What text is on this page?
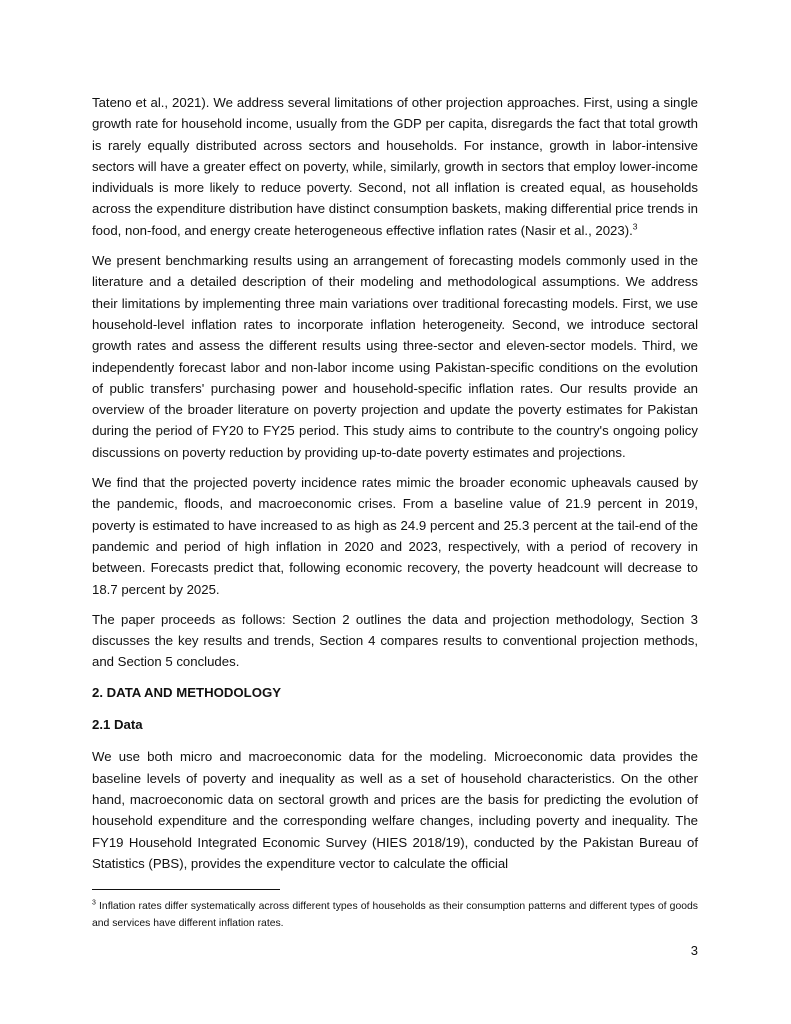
Tateno et al., 2021). We address several limitations of other projection approaches. First, using a single growth rate for household income, usually from the GDP per capita, disregards the fact that total growth is rarely equally distributed across sectors and households. For instance, growth in labor-intensive sectors will have a greater effect on poverty, while, similarly, growth in sectors that employ lower-income individuals is more likely to reduce poverty. Second, not all inflation is created equal, as households across the expenditure distribution have distinct consumption baskets, making differential price trends in food, non-food, and energy create heterogeneous effective inflation rates (Nasir et al., 2023).$^3$

We present benchmarking results using an arrangement of forecasting models commonly used in the literature and a detailed description of their modeling and methodological assumptions. We address their limitations by implementing three main variations over traditional forecasting models. First, we use household-level inflation rates to incorporate inflation heterogeneity. Second, we introduce sectoral growth rates and assess the different results using three-sector and eleven-sector models. Third, we independently forecast labor and non-labor income using Pakistan-specific conditions on the evolution of public transfers' purchasing power and household-specific inflation rates. Our results provide an overview of the broader literature on poverty projection and update the poverty estimates for Pakistan during the period of FY20 to FY25 period. This study aims to contribute to the country's ongoing policy discussions on poverty reduction by providing up-to-date poverty estimates and projections.

We find that the projected poverty incidence rates mimic the broader economic upheavals caused by the pandemic, floods, and macroeconomic crises. From a baseline value of 21.9 percent in 2019, poverty is estimated to have increased to as high as 24.9 percent and 25.3 percent at the tail-end of the pandemic and period of high inflation in 2020 and 2023, respectively, with a period of recovery in between. Forecasts predict that, following economic recovery, the poverty headcount will decrease to 18.7 percent by 2025.

The paper proceeds as follows: Section 2 outlines the data and projection methodology, Section 3 discusses the key results and trends, Section 4 compares results to conventional projection methods, and Section 5 concludes.

2. DATA AND METHODOLOGY
2.1 Data

We use both micro and macroeconomic data for the modeling. Microeconomic data provides the baseline levels of poverty and inequality as well as a set of household characteristics. On the other hand, macroeconomic data on sectoral growth and prices are the basis for predicting the evolution of household expenditure and the corresponding welfare changes, including poverty and inequality. The FY19 Household Integrated Economic Survey (HIES 2018/19), conducted by the Pakistan Bureau of Statistics (PBS), provides the expenditure vector to calculate the official

$^3$ Inflation rates differ systematically across different types of households as their consumption patterns and different types of goods and services have different inflation rates.

3
